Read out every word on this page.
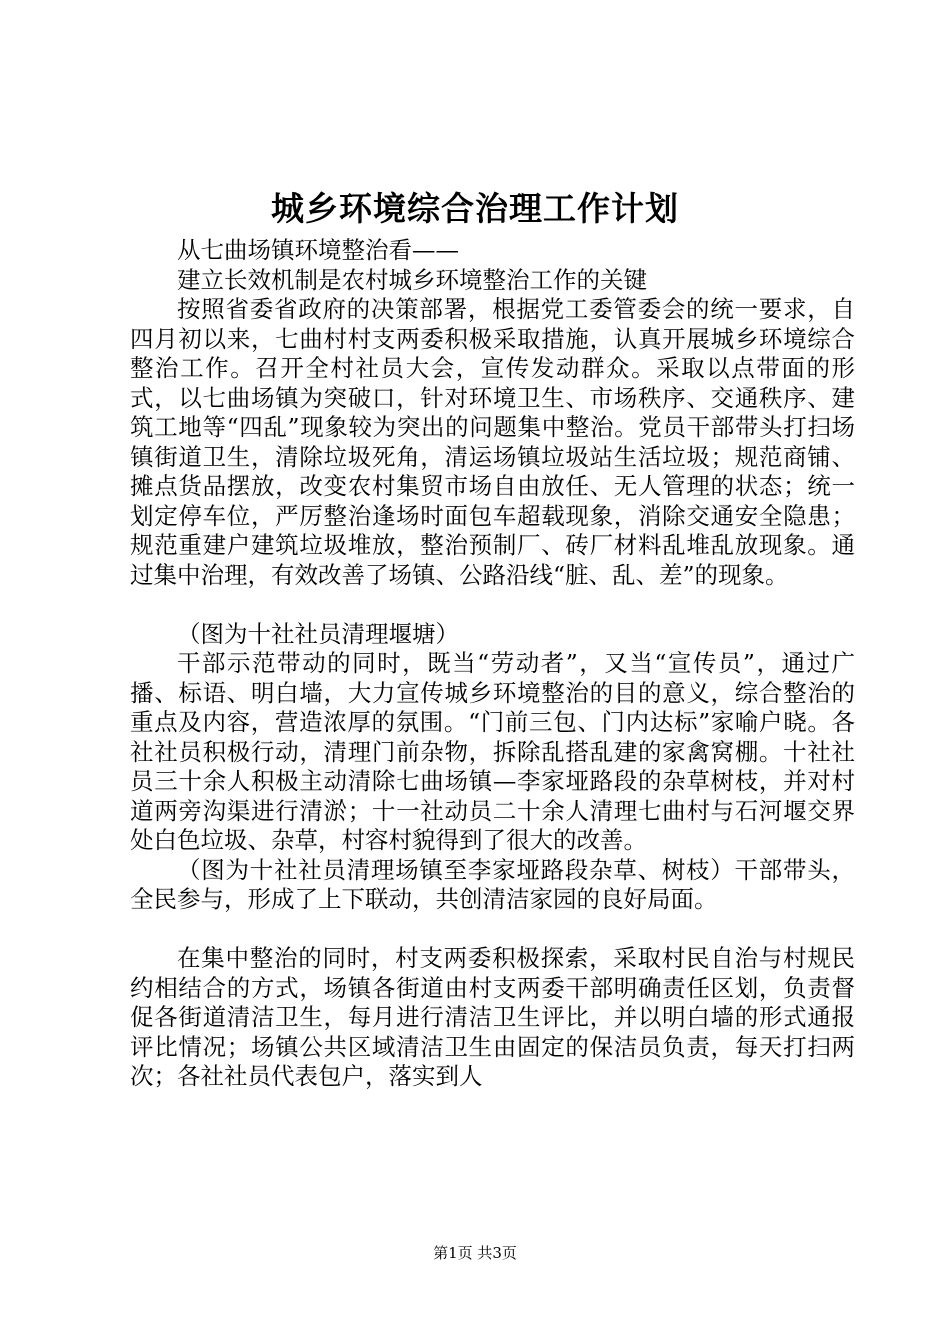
城乡环境综合治理工作计划

从七曲场镇环境整治看——

建立长效机制是农村城乡环境整治工作的关键

按照省委省政府的决策部署，根据党工委管委会的统一要求，自四月初以来，七曲村村支两委积极采取措施，认真开展城乡环境综合整治工作。召开全村社员大会，宣传发动群众。采取以点带面的形式，以七曲场镇为突破口，针对环境卫生、市场秩序、交通秩序、建筑工地等“四乱”现象较为突出的问题集中整治。党员干部带头打扫场镇街道卫生，清除垃圾死角，清运场镇垃圾站生活垃圾；规范商铺、摊点货品摆放，改变农村集贸市场自由放任、无人管理的状态；统一划定停车位，严厉整治逢场时面包车超载现象，消除交通安全隐患；规范重建户建筑垃圾堆放，整治预制厂、砖厂材料乱堆乱放现象。通过集中治理，有效改善了场镇、公路沿线“脏、乱、差”的现象。

（图为十社社员清理堰塘）

干部示范带动的同时，既当“劳动者”，又当“宣传员”，通过广播、标语、明白墙，大力宣传城乡环境整治的目的意义，综合整治的重点及内容，营造浓厚的氛围。“门前三包、门内达标”家喻户晓。各社社员积极行动，清理门前杂物，拆除乱搭乱建的家禽窝棚。十社社员三十余人积极主动清除七曲场镇—李家垭路段的杂草树枝，并对村道两旁沟渠进行清淤；十一社动员二十余人清理七曲村与石河堰交界处白色垃圾、杂草，村容村貌得到了很大的改善。

（图为十社社员清理场镇至李家垭路段杂草、树枝）干部带头，全民参与，形成了上下联动，共创清洁家园的良好局面。

在集中整治的同时，村支两委积极探索，采取村民自治与村规民约相结合的方式，场镇各街道由村支两委干部明确责任区划，负责督促各街道清洁卫生，每月进行清洁卫生评比，并以明白墙的形式通报评比情况；场镇公共区域清洁卫生由固定的保洁员负责，每天打扫两次；各社社员代表包户，落实到人

第1页 共3页
